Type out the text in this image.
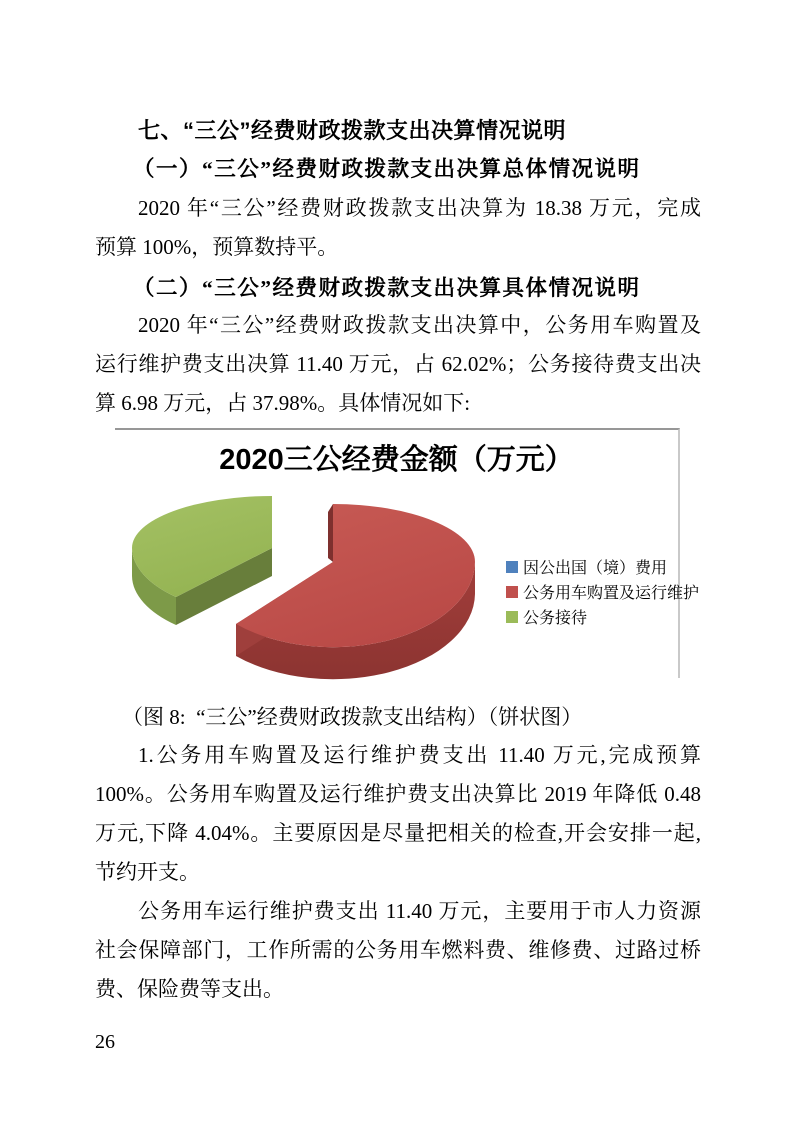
七、“三公”经费财政拨款支出决算情况说明
（一）“三公”经费财政拨款支出决算总体情况说明
2020 年“三公”经费财政拨款支出决算为 18.38 万元，完成
预算 100%，预算数持平。
（二）“三公”经费财政拨款支出决算具体情况说明
2020 年“三公”经费财政拨款支出决算中，公务用车购置及
运行维护费支出决算 11.40 万元，占 62.02%；公务接待费支出决
算 6.98 万元，占 37.98%。具体情况如下:
2020三公经费金额（万元）
因公出国（境）费用
公务用车购置及运行维护
公务接待
（图 8:  “三公”经费财政拨款支出结构）（饼状图）
1.公务用车购置及运行维护费支出 11.40 万元,完成预算
100%。公务用车购置及运行维护费支出决算比 2019 年降低 0.48
万元,下降 4.04%。主要原因是尽量把相关的检查,开会安排一起,
节约开支。
公务用车运行维护费支出 11.40 万元，主要用于市人力资源
社会保障部门，工作所需的公务用车燃料费、维修费、过路过桥
费、保险费等支出。
26
